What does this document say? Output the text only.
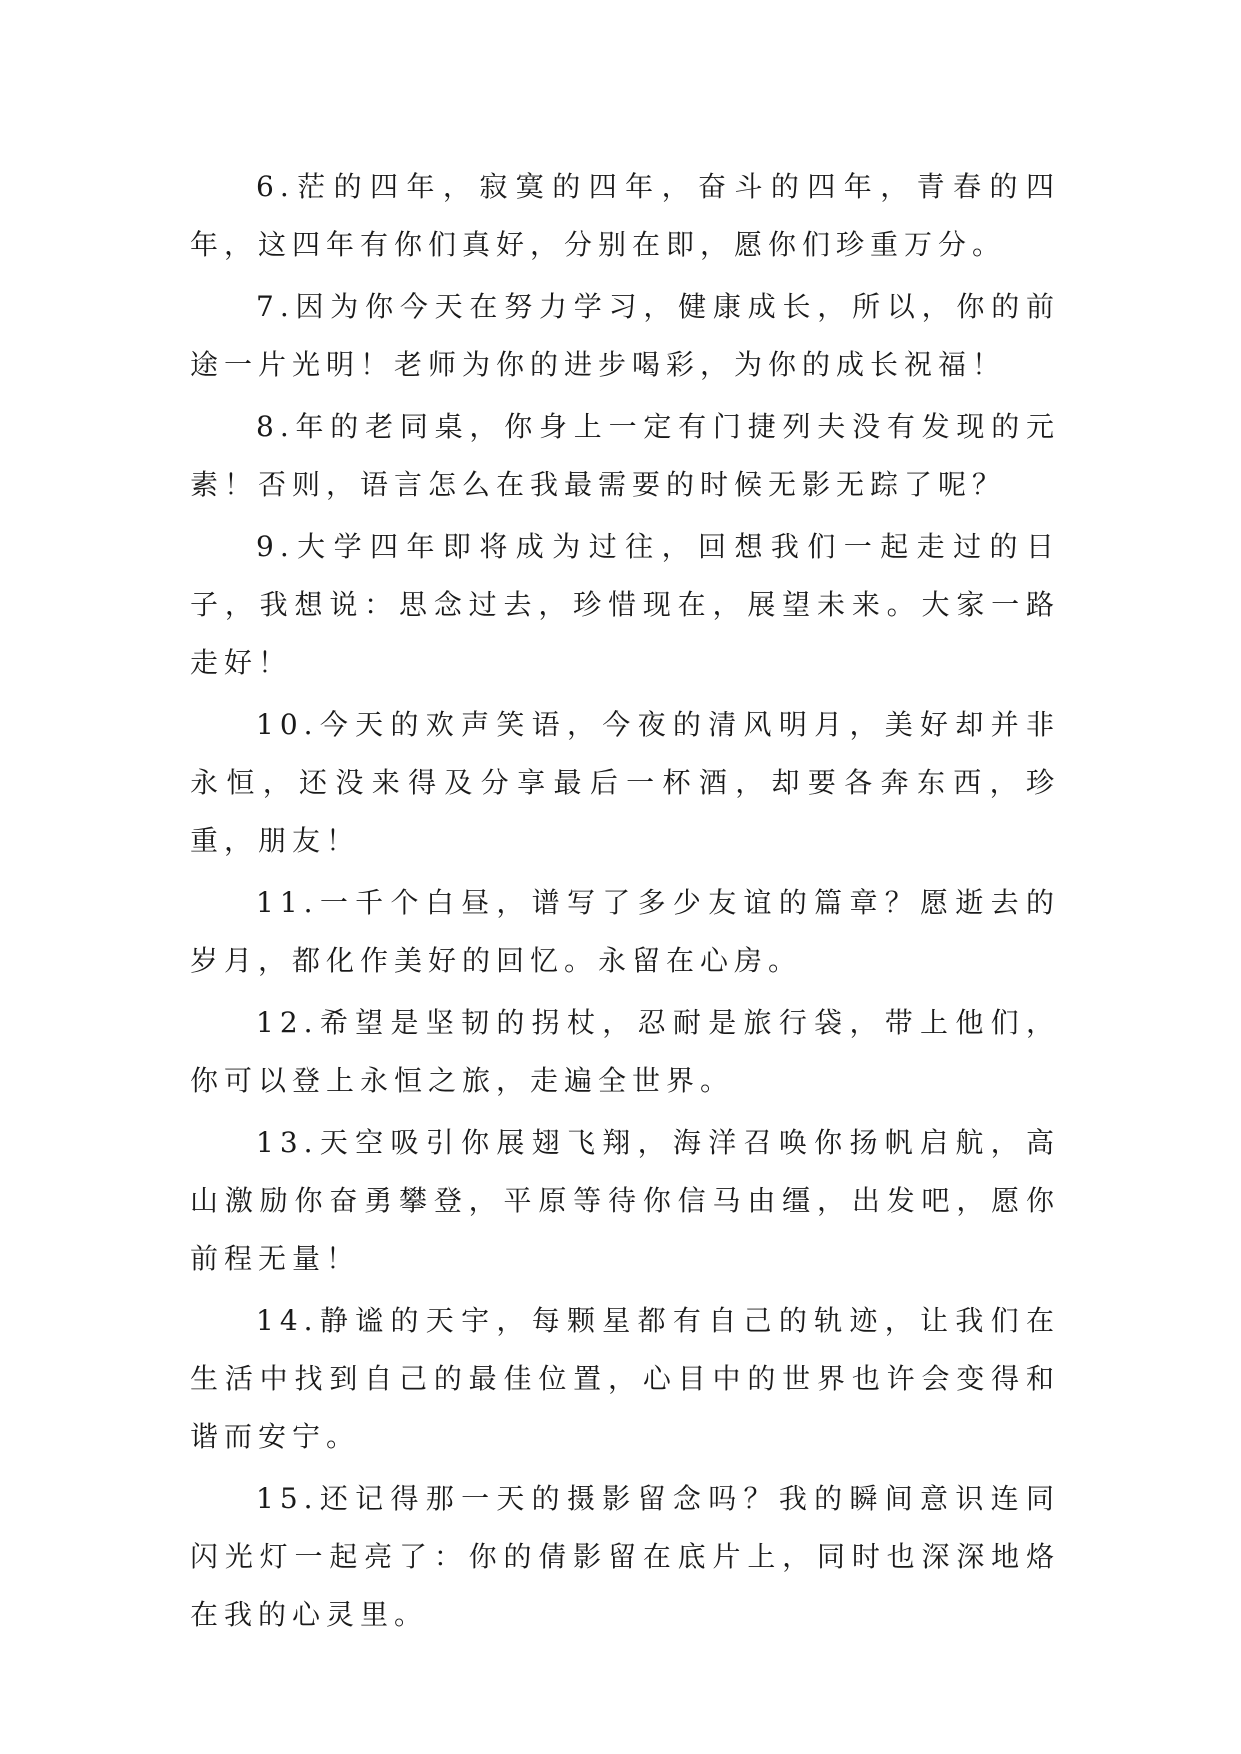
6.茫的四年，寂寞的四年，奋斗的四年，青春的四年，这四年有你们真好，分别在即，愿你们珍重万分。

7.因为你今天在努力学习，健康成长，所以，你的前途一片光明！老师为你的进步喝彩，为你的成长祝福！

8.年的老同桌，你身上一定有门捷列夫没有发现的元素！否则，语言怎么在我最需要的时候无影无踪了呢？

9.大学四年即将成为过往，回想我们一起走过的日子，我想说：思念过去，珍惜现在，展望未来。大家一路走好！

10.今天的欢声笑语，今夜的清风明月，美好却并非永恒，还没来得及分享最后一杯酒，却要各奔东西，珍重，朋友！

11.一千个白昼，谱写了多少友谊的篇章？愿逝去的岁月，都化作美好的回忆。永留在心房。

12.希望是坚韧的拐杖，忍耐是旅行袋，带上他们，你可以登上永恒之旅，走遍全世界。

13.天空吸引你展翅飞翔，海洋召唤你扬帆启航，高山激励你奋勇攀登，平原等待你信马由缰，出发吧，愿你前程无量！

14.静谧的天宇，每颗星都有自己的轨迹，让我们在生活中找到自己的最佳位置，心目中的世界也许会变得和谐而安宁。

15.还记得那一天的摄影留念吗？我的瞬间意识连同闪光灯一起亮了：你的倩影留在底片上，同时也深深地烙在我的心灵里。
